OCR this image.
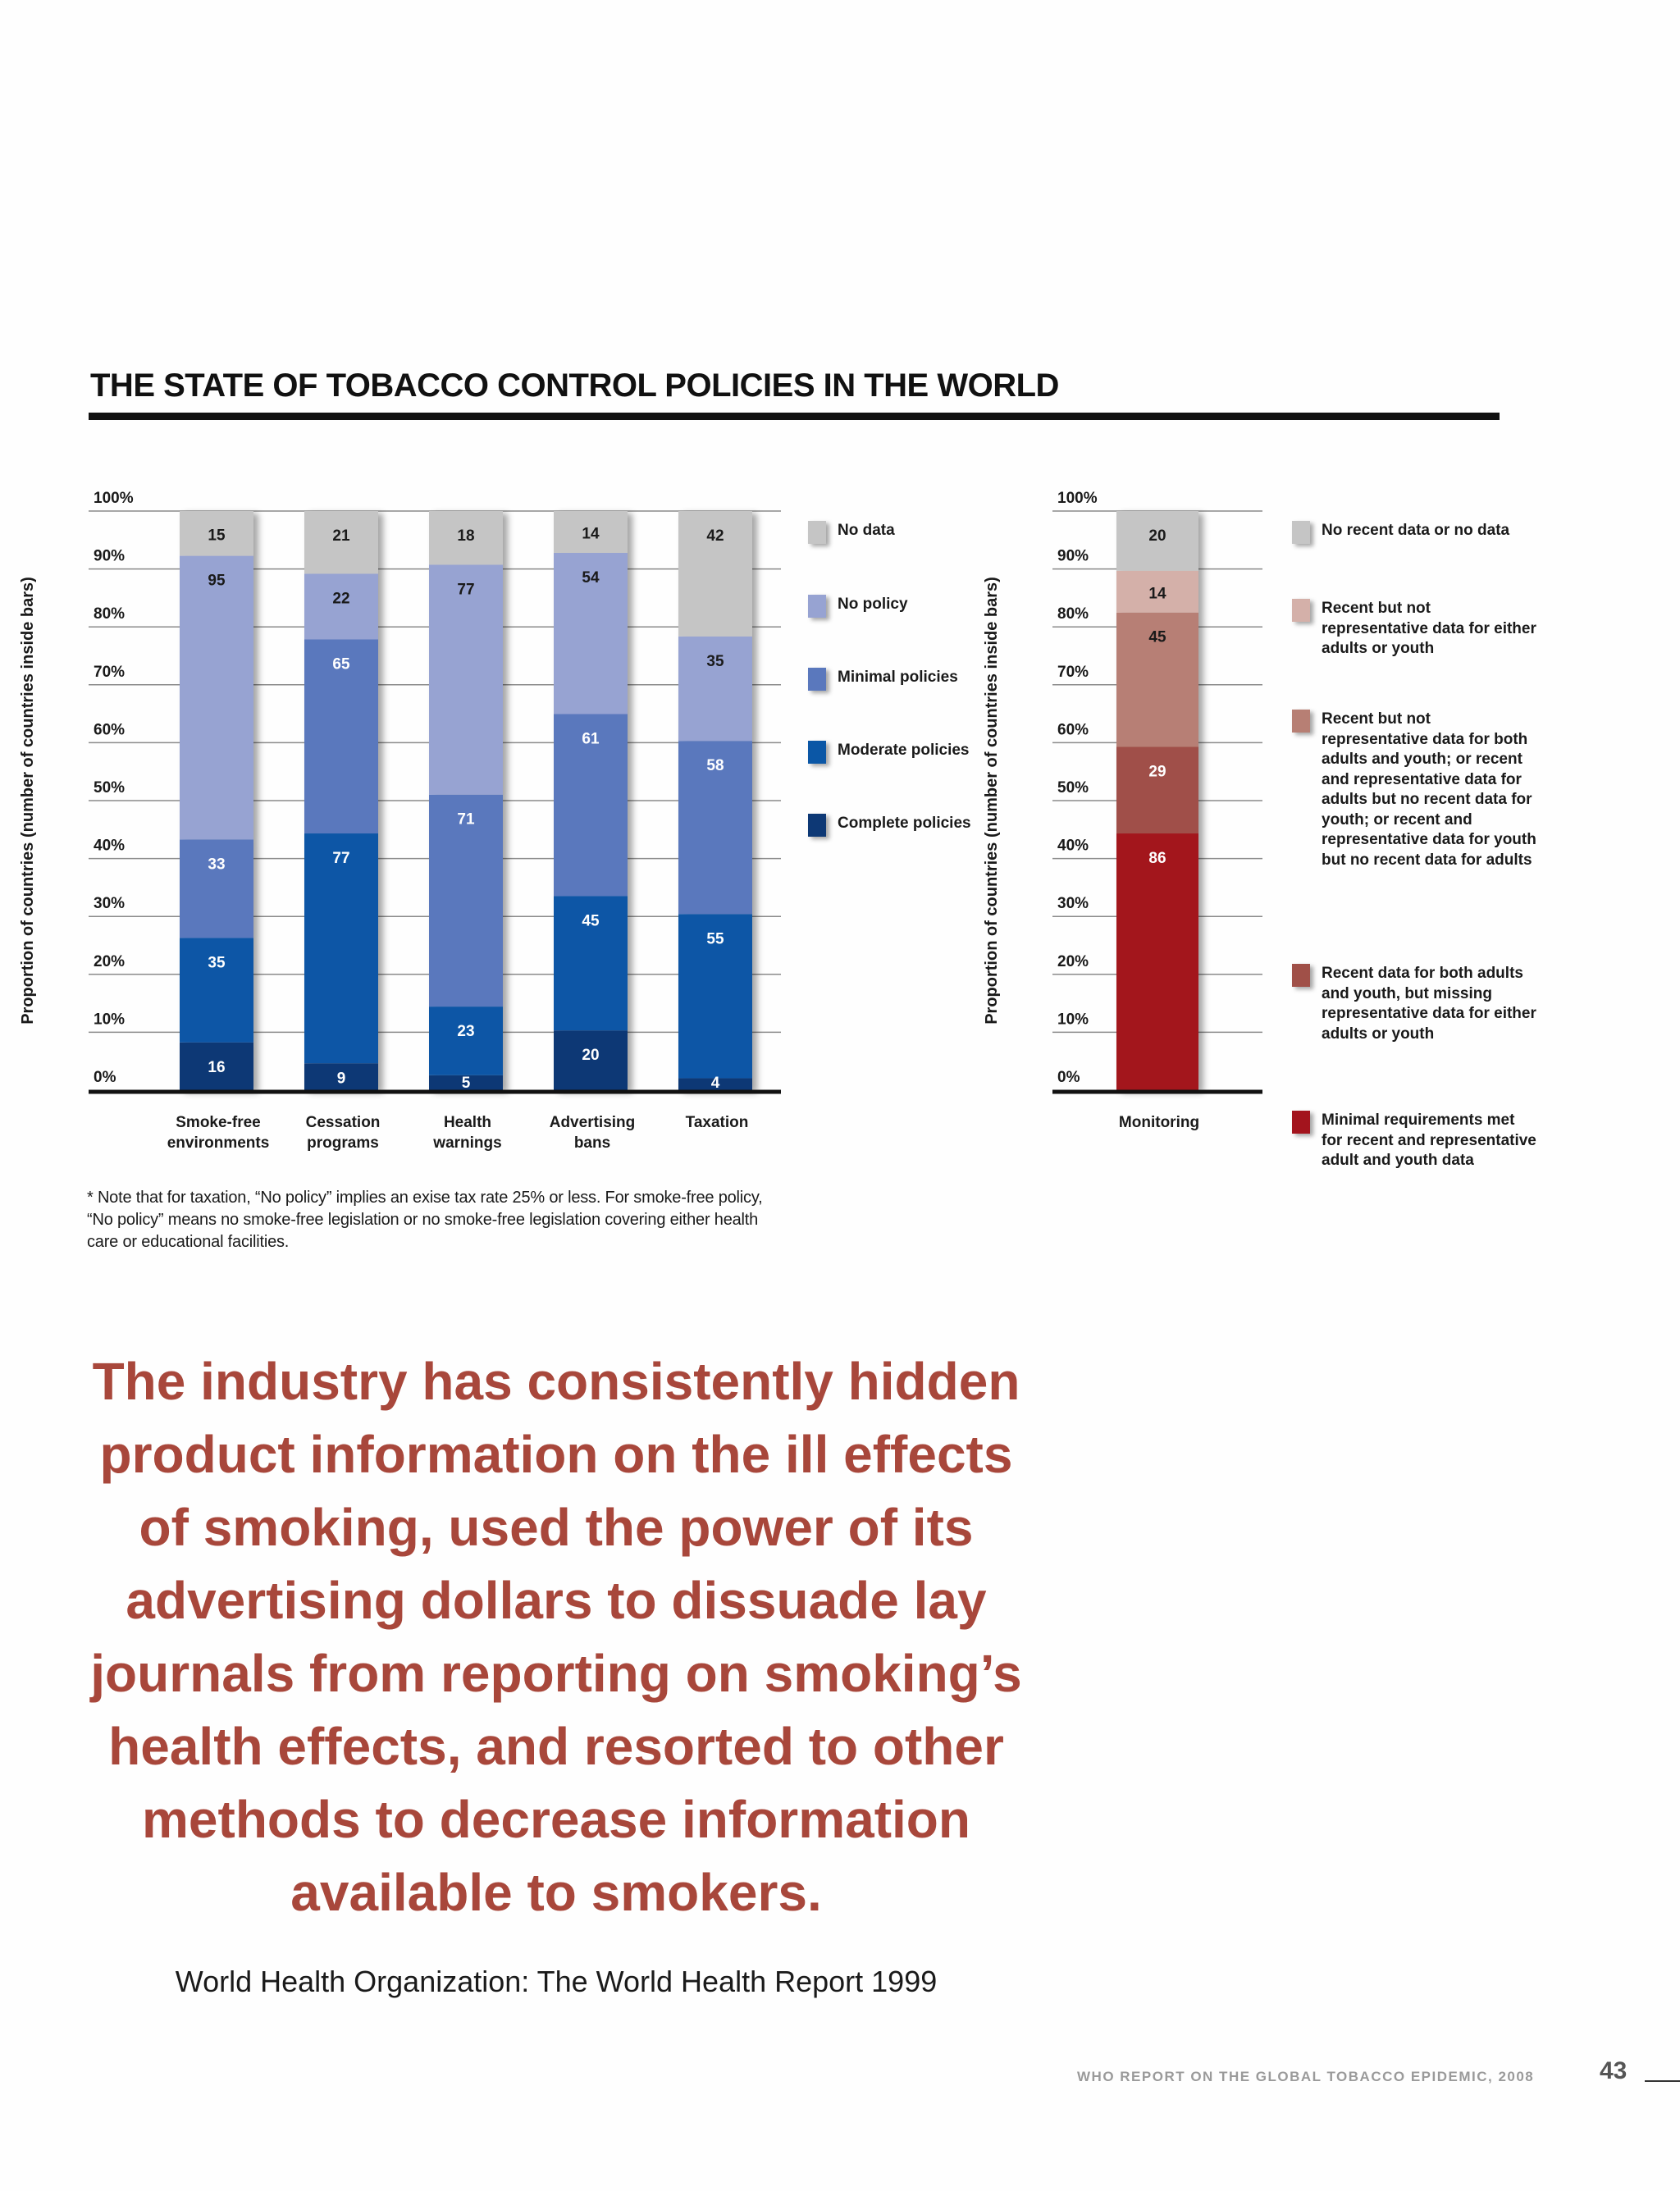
THE STATE OF TOBACCO CONTROL POLICIES IN THE WORLD
Proportion of countries (number of countries inside bars)
0%
10%
20%
30%
40%
50%
60%
70%
80%
90%
100%
16
35
33
95
15
Smoke-free
environments
9
77
65
22
21
Cessation
programs
5
23
71
77
18
Health
warnings
20
45
61
54
14
Advertising
bans
4
55
58
35
42
Taxation
No data
No policy
Minimal policies
Moderate policies
Complete policies Proportion of countries (number of countries inside bars)
0%
10%
20%
30%
40%
50%
60%
70%
80%
90%
100%
86
29
45
14
20
Monitoring
No recent data or no data
Recent but not representative data for either adults or youth
Recent but not representative data for both adults and youth; or recent and representative data for adults but no recent data for youth; or recent and representative data for youth but no recent data for adults
Recent data for both adults and youth, but missing representative data for either adults or youth
Minimal requirements met for recent and representative adult and youth data
* Note that for taxation, “No policy” implies an exise tax rate 25% or less. For smoke-free policy, “No policy” means no smoke-free legislation or no smoke-free legislation covering either health care or educational facilities.
The industry has consistently hidden product information on the ill effects of smoking, used the power of its advertising dollars to dissuade lay journals from reporting on smoking’s health effects, and resorted to other methods to decrease information available to smokers.
World Health Organization: The World Health Report 1999
WHO REPORT ON THE GLOBAL TOBACCO EPIDEMIC, 2008	43
